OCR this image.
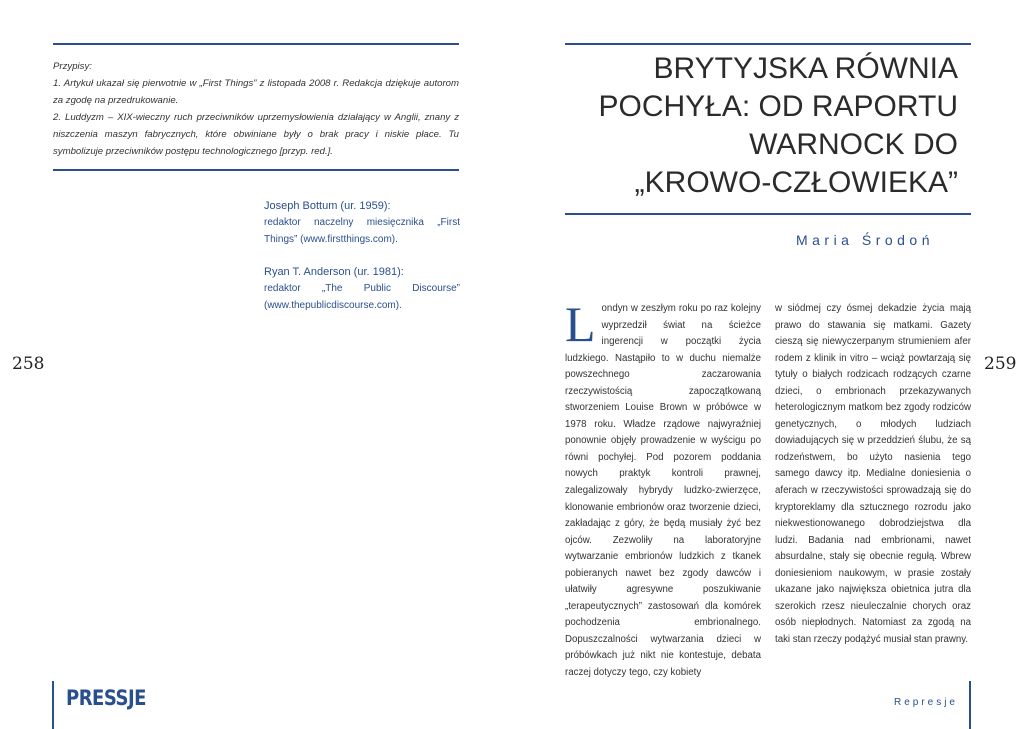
Przypisy:

1. Artykuł ukazał się pierwotnie w „First Things” z listopada 2008 r. Redakcja dziękuje autorom za zgodę na przedrukowanie.

2. Luddyzm – XIX-wieczny ruch przeciwników uprzemysłowienia działający w Anglii, znany z niszczenia maszyn fabrycznych, które obwiniane były o brak pracy i niskie płace. Tu symbolizuje przeciwników postępu technologicznego [przyp. red.].

Joseph Bottum (ur. 1959):
redaktor naczelny miesięcznika „First Things” (www.firstthings.com).
Ryan T. Anderson (ur. 1981):
redaktor „The Public Discourse” (www.thepublicdiscourse.com).
258
PRESSJE
BRYTYJSKA RÓWNIA
POCHYŁA: OD RAPORTU
WARNOCK DO
„KROWO-CZŁOWIEKA”
Maria Środoń
L ondyn w zeszłym roku po raz kolejny wyprzedził świat na ścieżce ingerencji w początki życia ludzkiego. Nastąpiło to w duchu niemalże powszechnego zaczarowania rzeczywistością zapoczątkowaną stworzeniem Louise Brown w próbówce w 1978 roku. Władze rządowe najwyraźniej ponownie objęły prowadzenie w wyścigu po równi pochyłej. Pod pozorem poddania nowych praktyk kontroli prawnej, zalegalizowały hybrydy ludzko-zwierzęce, klonowanie embrionów oraz tworzenie dzieci, zakładając z góry, że będą musiały żyć bez ojców. Zezwoliły na laboratoryjne wytwarzanie embrionów ludzkich z tkanek pobieranych nawet bez zgody dawców i ułatwiły agresywne poszukiwanie „terapeutycznych” zastosowań dla komórek pochodzenia embrionalnego. Dopuszczalności wytwarzania dzieci w próbówkach już nikt nie kontestuje, debata raczej dotyczy tego, czy kobiety

w siódmej czy ósmej dekadzie życia mają prawo do stawania się matkami. Gazety cieszą się niewyczerpanym strumieniem afer rodem z klinik in vitro – wciąż powtarzają się tytuły o białych rodzicach rodzących czarne dzieci, o embrionach przekazywanych heterologicznym matkom bez zgody rodziców genetycznych, o młodych ludziach dowiadujących się w przeddzień ślubu, że są rodzeństwem, bo użyto nasienia tego samego dawcy itp. Medialne doniesienia o aferach w rzeczywistości sprowadzają się do kryptoreklamy dla sztucznego rozrodu jako niekwestionowanego dobrodziejstwa dla ludzi. Badania nad embrionami, nawet absurdalne, stały się obecnie regułą. Wbrew doniesieniom naukowym, w prasie zostały ukazane jako największa obietnica jutra dla szerokich rzesz nieuleczalnie chorych oraz osób niepłodnych. Natomiast za zgodą na taki stan rzeczy podążyć musiał stan prawny.

259
Represje
